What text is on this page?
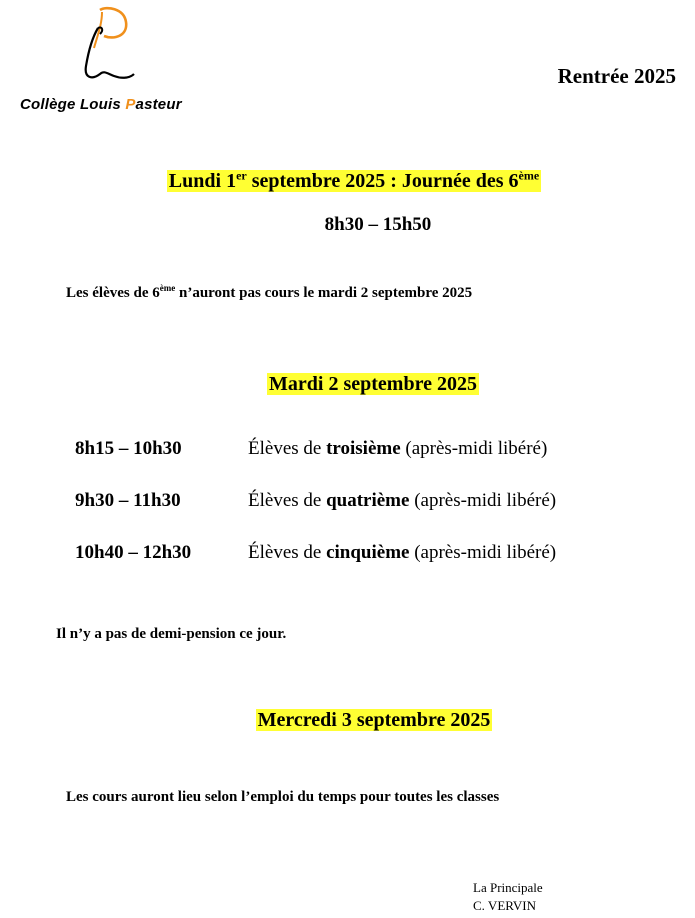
Collège Louis Pasteur
Rentrée 2025
Lundi 1er septembre 2025 : Journée des 6ème
8h30 – 15h50
Les élèves de 6ème n’auront pas cours le mardi 2 septembre 2025
Mardi 2 septembre 2025
8h15 – 10h30	Élèves de troisième (après-midi libéré)
9h30 – 11h30	Élèves de quatrième (après-midi libéré)
10h40 – 12h30	Élèves de cinquième (après-midi libéré)
Il n’y a pas de demi-pension ce jour.
Mercredi 3 septembre 2025
Les cours auront lieu selon l’emploi du temps pour toutes les classes
La Principale
C. VERVIN
